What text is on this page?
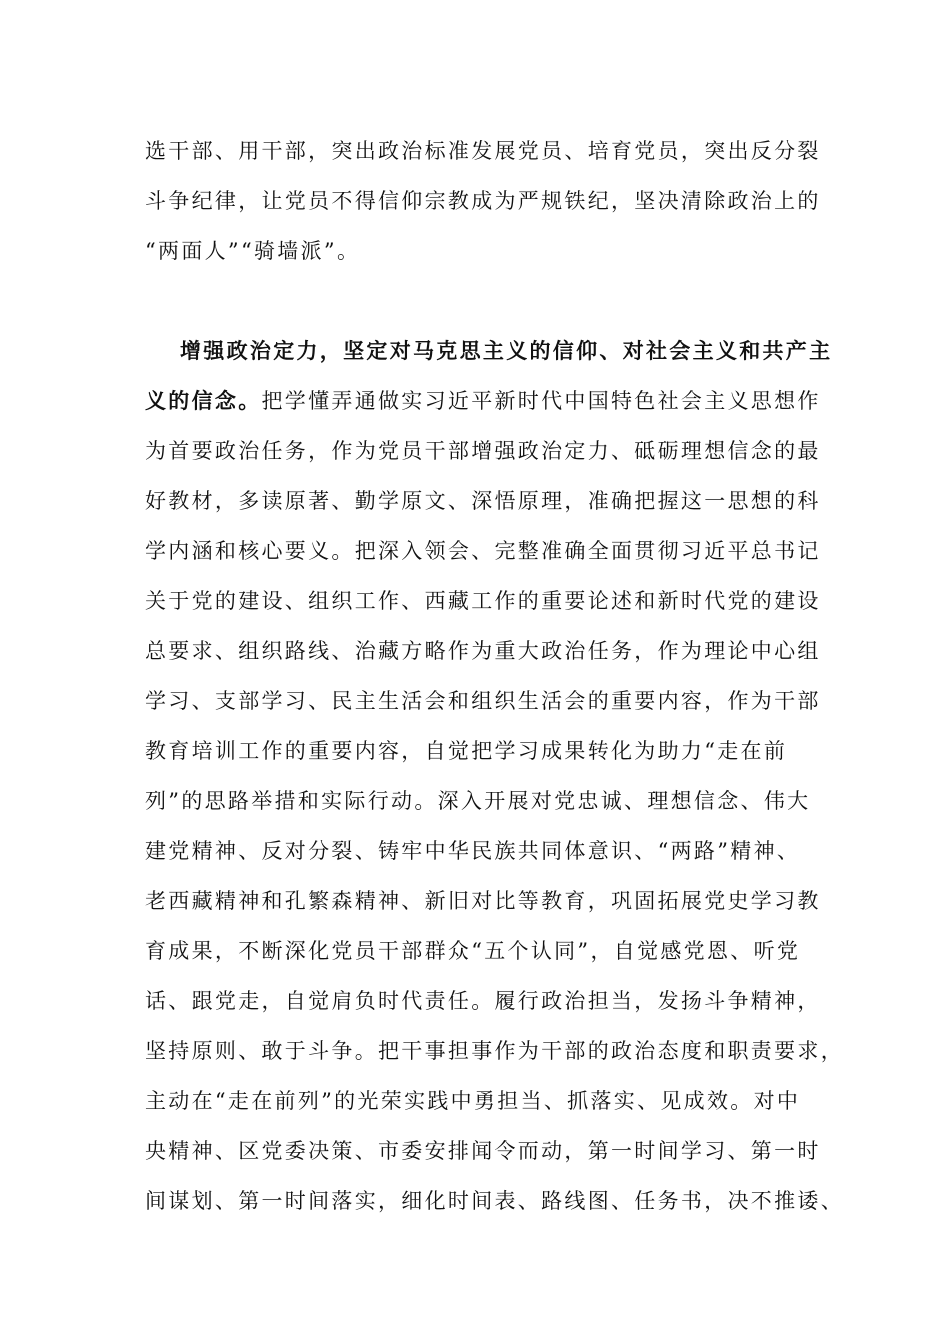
选干部、用干部，突出政治标准发展党员、培育党员，突出反分裂
斗争纪律，让党员不得信仰宗教成为严规铁纪，坚决清除政治上的
“两面人”“骑墙派”。
增强政治定力，坚定对马克思主义的信仰、对社会主义和共产主
义的信念。把学懂弄通做实习近平新时代中国特色社会主义思想作
为首要政治任务，作为党员干部增强政治定力、砥砺理想信念的最
好教材，多读原著、勤学原文、深悟原理，准确把握这一思想的科
学内涵和核心要义。把深入领会、完整准确全面贯彻习近平总书记
关于党的建设、组织工作、西藏工作的重要论述和新时代党的建设
总要求、组织路线、治藏方略作为重大政治任务，作为理论中心组
学习、支部学习、民主生活会和组织生活会的重要内容，作为干部
教育培训工作的重要内容，自觉把学习成果转化为助力“走在前
列”的思路举措和实际行动。深入开展对党忠诚、理想信念、伟大
建党精神、反对分裂、铸牢中华民族共同体意识、“两路”精神、
老西藏精神和孔繁森精神、新旧对比等教育，巩固拓展党史学习教
育成果，不断深化党员干部群众“五个认同”，自觉感党恩、听党
话、跟党走，自觉肩负时代责任。履行政治担当，发扬斗争精神，
坚持原则、敢于斗争。把干事担事作为干部的政治态度和职责要求，
主动在“走在前列”的光荣实践中勇担当、抓落实、见成效。对中
央精神、区党委决策、市委安排闻令而动，第一时间学习、第一时
间谋划、第一时间落实，细化时间表、路线图、任务书，决不推诿、
